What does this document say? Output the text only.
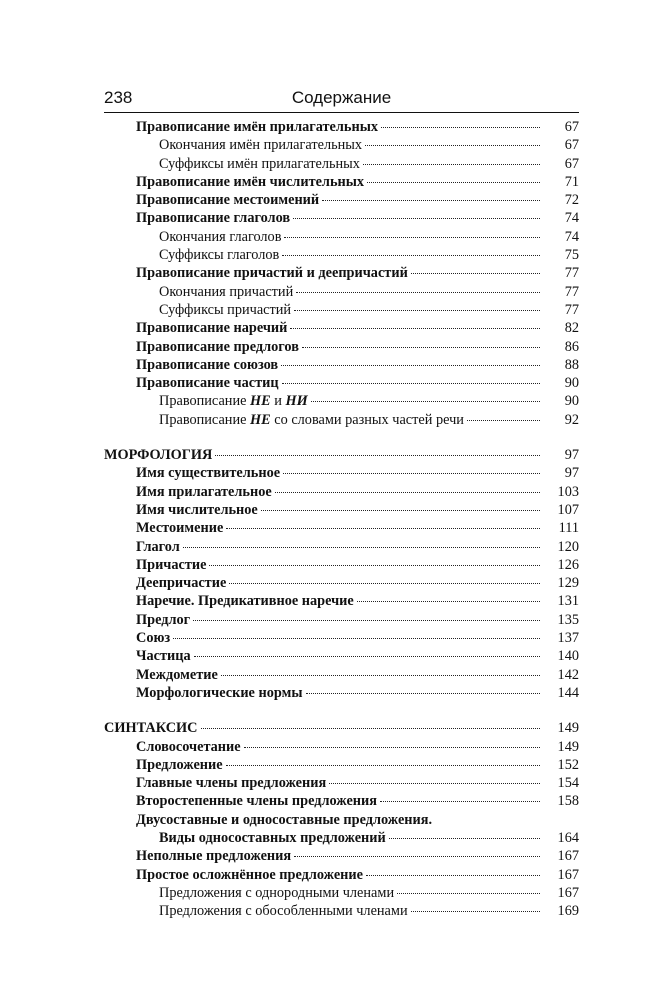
238	Содержание
Правописание имён прилагательных	67
Окончания имён прилагательных	67
Суффиксы имён прилагательных	67
Правописание имён числительных	71
Правописание местоимений	72
Правописание глаголов	74
Окончания глаголов	74
Суффиксы глаголов	75
Правописание причастий и деепричастий	77
Окончания причастий	77
Суффиксы причастий	77
Правописание наречий	82
Правописание предлогов	86
Правописание союзов	88
Правописание частиц	90
Правописание НЕ и НИ	90
Правописание НЕ со словами разных частей речи	92
МОРФОЛОГИЯ	97
Имя существительное	97
Имя прилагательное	103
Имя числительное	107
Местоимение	111
Глагол	120
Причастие	126
Деепричастие	129
Наречие. Предикативное наречие	131
Предлог	135
Союз	137
Частица	140
Междометие	142
Морфологические нормы	144
СИНТАКСИС	149
Словосочетание	149
Предложение	152
Главные члены предложения	154
Второстепенные члены предложения	158
Двусоставные и односоставные предложения.
Виды односоставных предложений	164
Неполные предложения	167
Простое осложнённое предложение	167
Предложения с однородными членами	167
Предложения с обособленными членами	169
